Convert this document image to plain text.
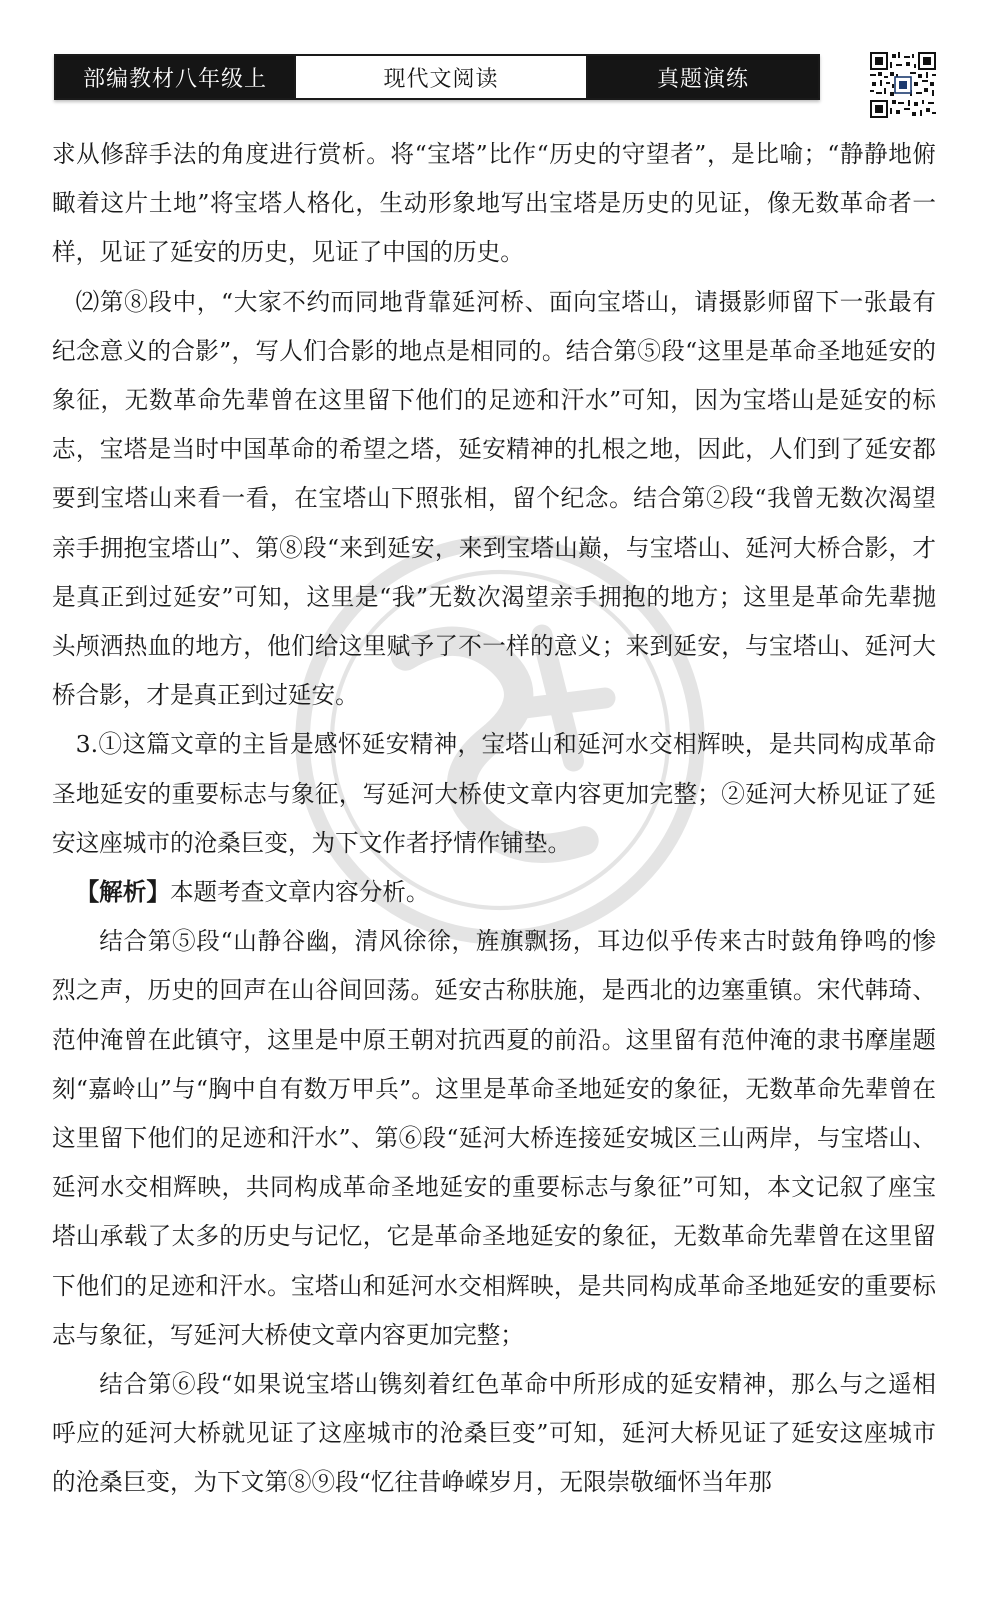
部编教材八年级上	现代文阅读	真题演练

求从修辞手法的角度进行赏析。将“宝塔”比作“历史的守望者”，是比喻；“静静地俯瞰着这片土地”将宝塔人格化，生动形象地写出宝塔是历史的见证，像无数革命者一样，见证了延安的历史，见证了中国的历史。

⑵第⑧段中，“大家不约而同地背靠延河桥、面向宝塔山，请摄影师留下一张最有纪念意义的合影”，写人们合影的地点是相同的。结合第⑤段“这里是革命圣地延安的象征，无数革命先辈曾在这里留下他们的足迹和汗水”可知，因为宝塔山是延安的标志，宝塔是当时中国革命的希望之塔，延安精神的扎根之地，因此，人们到了延安都要到宝塔山来看一看，在宝塔山下照张相，留个纪念。结合第②段“我曾无数次渴望亲手拥抱宝塔山”、第⑧段“来到延安，来到宝塔山巅，与宝塔山、延河大桥合影，才是真正到过延安”可知，这里是“我”无数次渴望亲手拥抱的地方；这里是革命先辈抛头颅洒热血的地方，他们给这里赋予了不一样的意义；来到延安，与宝塔山、延河大桥合影，才是真正到过延安。

3.①这篇文章的主旨是感怀延安精神，宝塔山和延河水交相辉映，是共同构成革命圣地延安的重要标志与象征，写延河大桥使文章内容更加完整；②延河大桥见证了延安这座城市的沧桑巨变，为下文作者抒情作铺垫。

【解析】本题考查文章内容分析。

结合第⑤段“山静谷幽，清风徐徐，旌旗飘扬，耳边似乎传来古时鼓角铮鸣的惨烈之声，历史的回声在山谷间回荡。延安古称肤施，是西北的边塞重镇。宋代韩琦、范仲淹曾在此镇守，这里是中原王朝对抗西夏的前沿。这里留有范仲淹的隶书摩崖题刻“嘉岭山”与“胸中自有数万甲兵”。这里是革命圣地延安的象征，无数革命先辈曾在这里留下他们的足迹和汗水”、第⑥段“延河大桥连接延安城区三山两岸，与宝塔山、延河水交相辉映，共同构成革命圣地延安的重要标志与象征”可知，本文记叙了座宝塔山承载了太多的历史与记忆，它是革命圣地延安的象征，无数革命先辈曾在这里留下他们的足迹和汗水。宝塔山和延河水交相辉映，是共同构成革命圣地延安的重要标志与象征，写延河大桥使文章内容更加完整；

结合第⑥段“如果说宝塔山镌刻着红色革命中所形成的延安精神，那么与之遥相呼应的延河大桥就见证了这座城市的沧桑巨变”可知，延河大桥见证了延安这座城市的沧桑巨变，为下文第⑧⑨段“忆往昔峥嵘岁月，无限崇敬缅怀当年那
